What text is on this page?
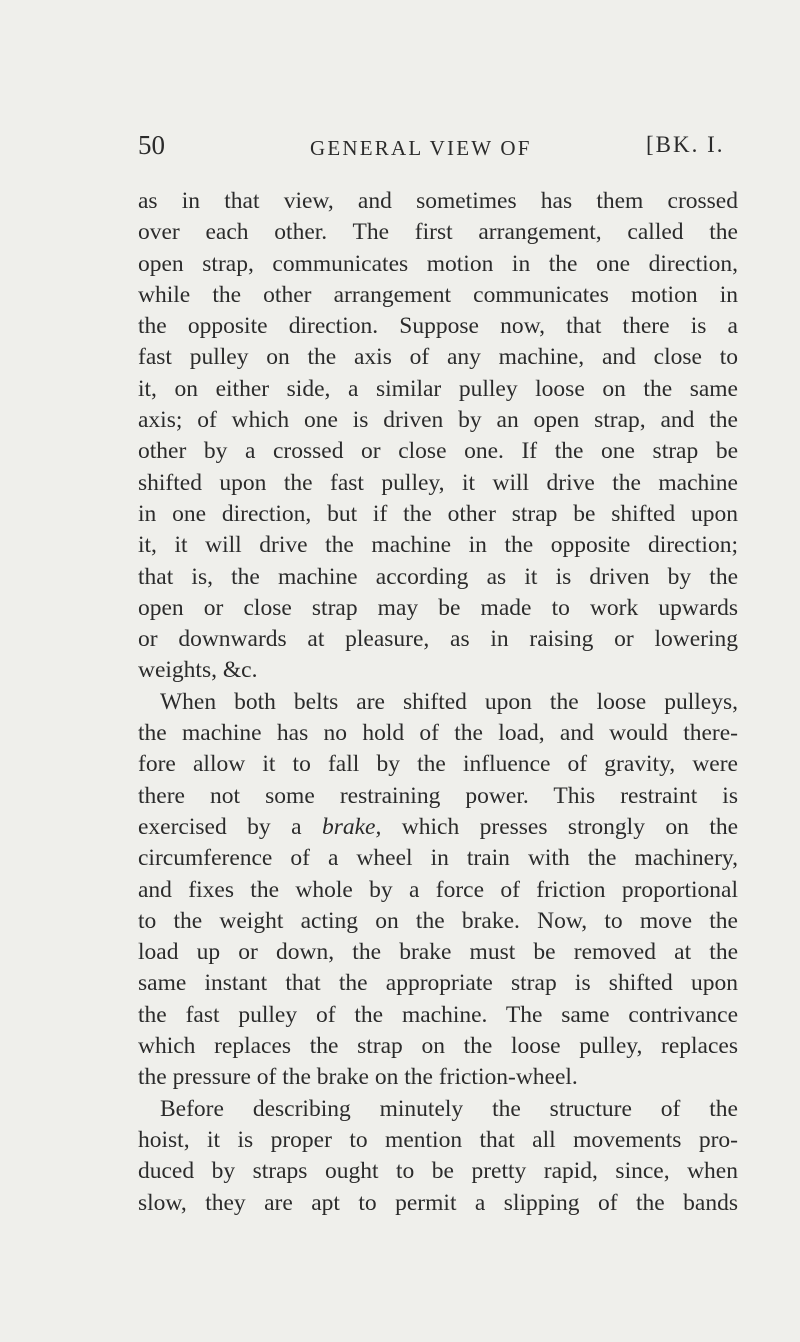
50	GENERAL VIEW OF	[BK. I.
as in that view, and sometimes has them crossed
over each other. The first arrangement, called the
open strap, communicates motion in the one direction,
while the other arrangement communicates motion in
the opposite direction. Suppose now, that there is a
fast pulley on the axis of any machine, and close to
it, on either side, a similar pulley loose on the same
axis; of which one is driven by an open strap, and the
other by a crossed or close one. If the one strap be
shifted upon the fast pulley, it will drive the machine
in one direction, but if the other strap be shifted upon
it, it will drive the machine in the opposite direction;
that is, the machine according as it is driven by the
open or close strap may be made to work upwards
or downwards at pleasure, as in raising or lowering
weights, &c.
When both belts are shifted upon the loose pulleys,
the machine has no hold of the load, and would there-
fore allow it to fall by the influence of gravity, were
there not some restraining power. This restraint is
exercised by a brake, which presses strongly on the
circumference of a wheel in train with the machinery,
and fixes the whole by a force of friction proportional
to the weight acting on the brake. Now, to move the
load up or down, the brake must be removed at the
same instant that the appropriate strap is shifted upon
the fast pulley of the machine. The same contrivance
which replaces the strap on the loose pulley, replaces
the pressure of the brake on the friction-wheel.
Before describing minutely the structure of the
hoist, it is proper to mention that all movements pro-
duced by straps ought to be pretty rapid, since, when
slow, they are apt to permit a slipping of the bands
